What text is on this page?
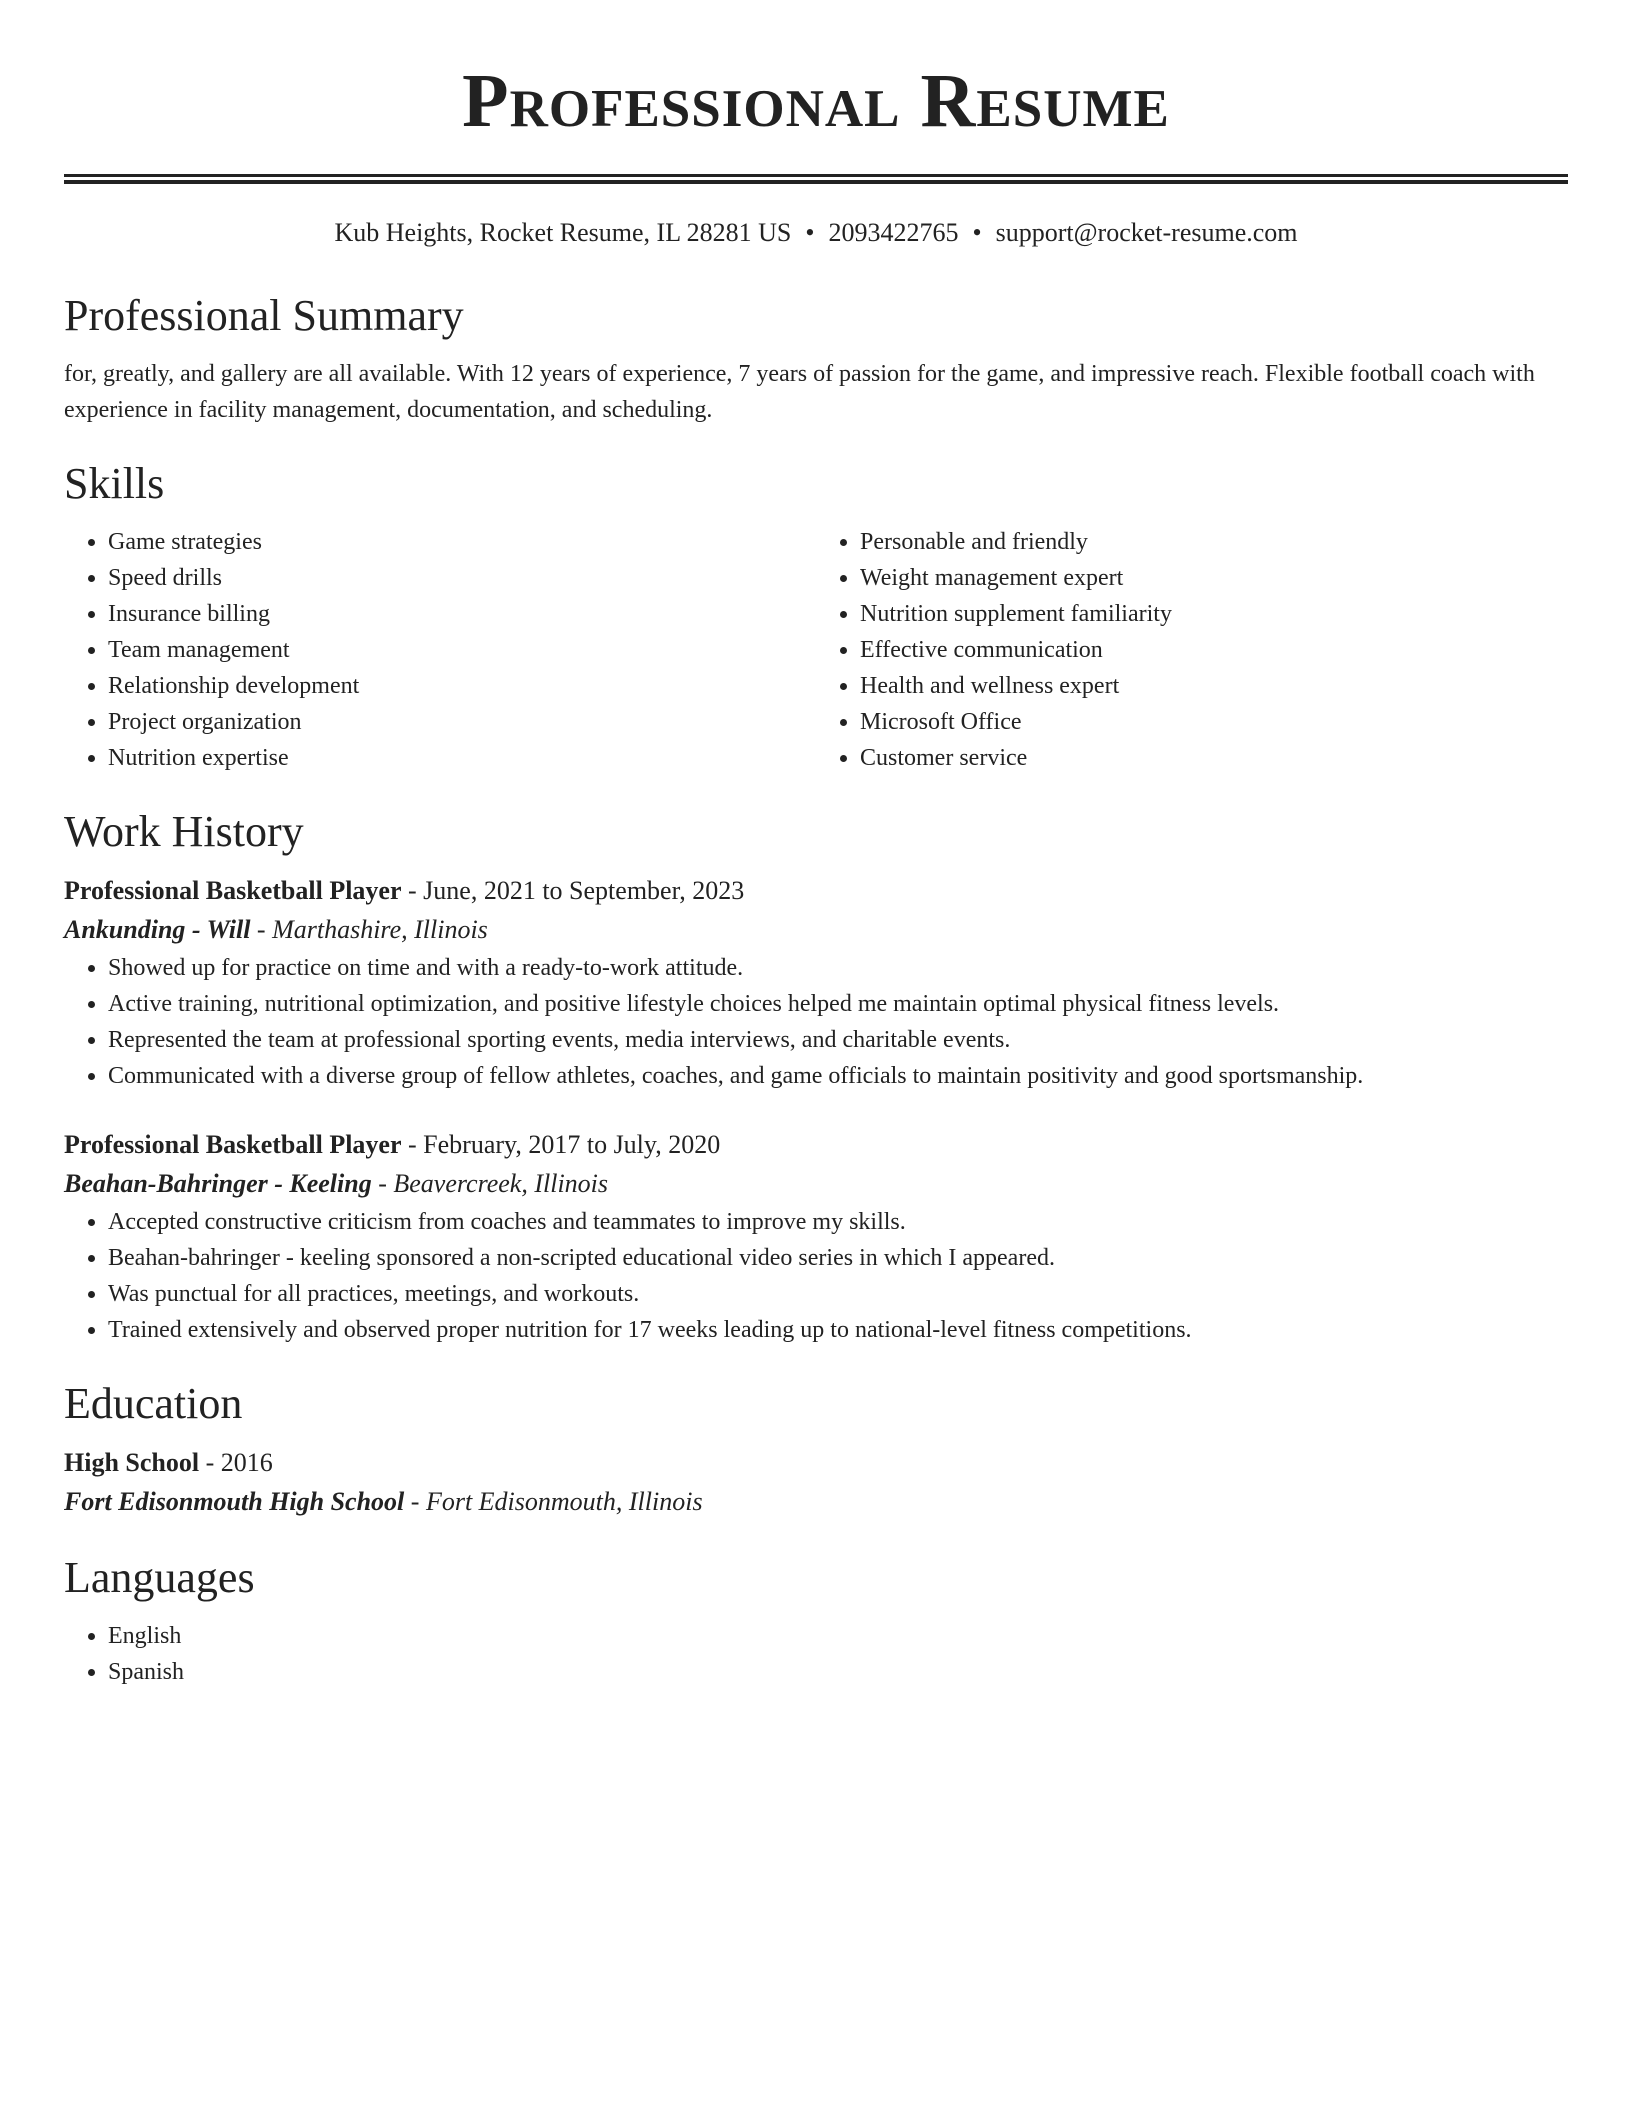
Professional Resume
Kub Heights, Rocket Resume, IL 28281 US • 2093422765 • support@rocket-resume.com
Professional Summary

for, greatly, and gallery are all available. With 12 years of experience, 7 years of passion for the game, and impressive reach. Flexible football coach with experience in facility management, documentation, and scheduling.

Skills
• Game strategies
• Speed drills
• Insurance billing
• Team management
• Relationship development
• Project organization
• Nutrition expertise
• Personable and friendly
• Weight management expert
• Nutrition supplement familiarity
• Effective communication
• Health and wellness expert
• Microsoft Office
• Customer service
Work History

Professional Basketball Player - June, 2021 to September, 2023

Ankunding - Will - Marthashire, Illinois

• Showed up for practice on time and with a ready-to-work attitude.
• Active training, nutritional optimization, and positive lifestyle choices helped me maintain optimal physical fitness levels.
• Represented the team at professional sporting events, media interviews, and charitable events.
• Communicated with a diverse group of fellow athletes, coaches, and game officials to maintain positivity and good sportsmanship.

Professional Basketball Player - February, 2017 to July, 2020

Beahan-Bahringer - Keeling - Beavercreek, Illinois

• Accepted constructive criticism from coaches and teammates to improve my skills.
• Beahan-bahringer - keeling sponsored a non-scripted educational video series in which I appeared.
• Was punctual for all practices, meetings, and workouts.
• Trained extensively and observed proper nutrition for 17 weeks leading up to national-level fitness competitions.
Education

High School - 2016

Fort Edisonmouth High School - Fort Edisonmouth, Illinois

Languages
• English
• Spanish
